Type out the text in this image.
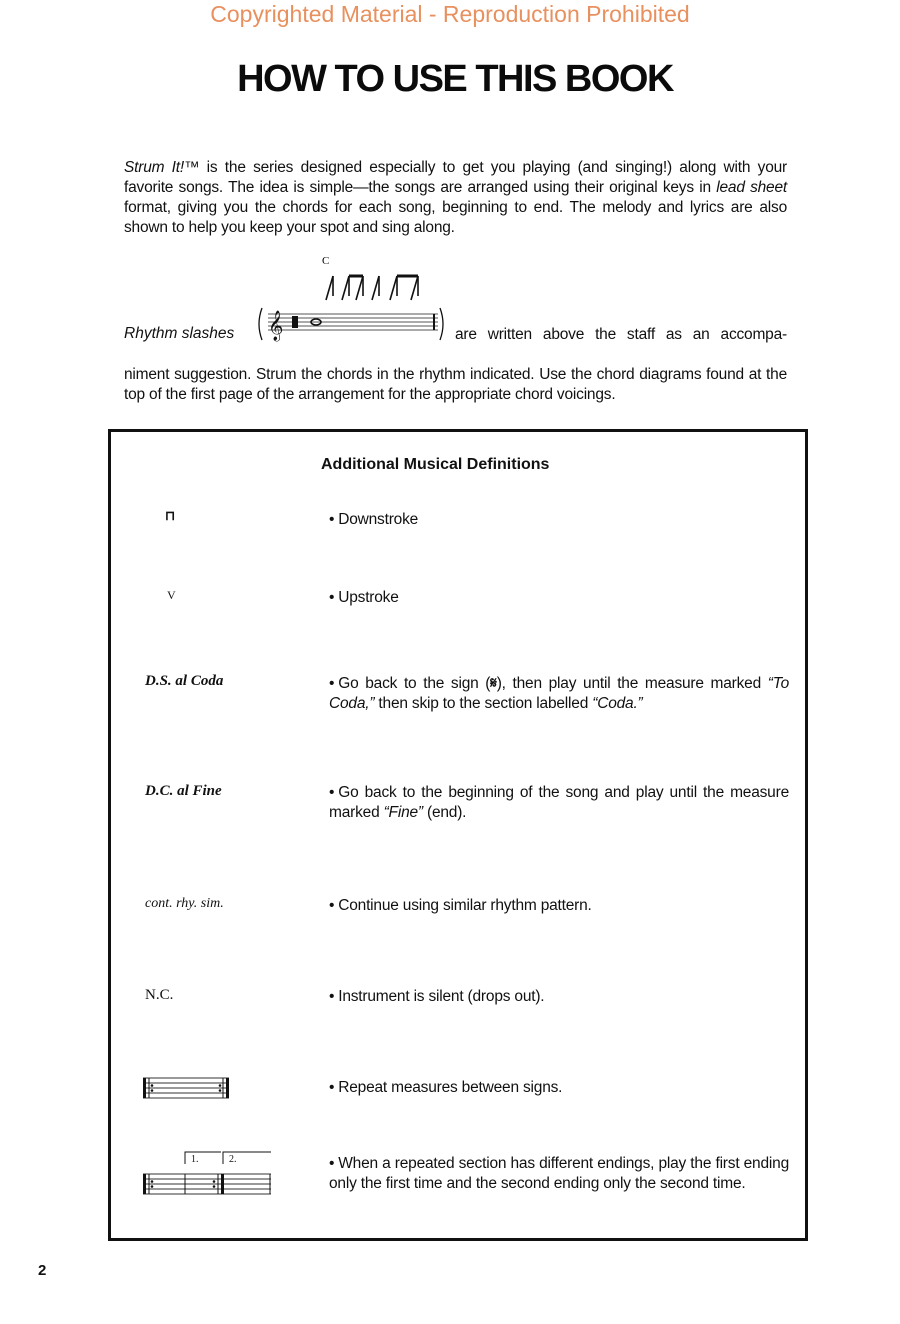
Copyrighted Material - Reproduction Prohibited
HOW TO USE THIS BOOK
Strum It!™ is the series designed especially to get you playing (and singing!) along with your favorite songs. The idea is simple—the songs are arranged using their original keys in lead sheet format, giving you the chords for each song, beginning to end. The melody and lyrics are also shown to help you keep your spot and sing along.
C
𝄞
Rhythm slashes	are written above the staff as an accompa-
niment suggestion. Strum the chords in the rhythm indicated. Use the chord diagrams found at the top of the first page of the arrangement for the appropriate chord voicings.
Additional Musical Definitions
⊓	• Downstroke
V	• Upstroke
D.S. al Coda	• Go back to the sign (𝄋), then play until the measure marked “To Coda,” then skip to the section labelled “Coda.”
D.C. al Fine	• Go back to the beginning of the song and play until the measure marked “Fine” (end).
cont. rhy. sim.	• Continue using similar rhythm pattern.
N.C.	• Instrument is silent (drops out).
• Repeat measures between signs.
1.	2.	• When a repeated section has different endings, play the first ending only the first time and the second ending only the second time.
2
